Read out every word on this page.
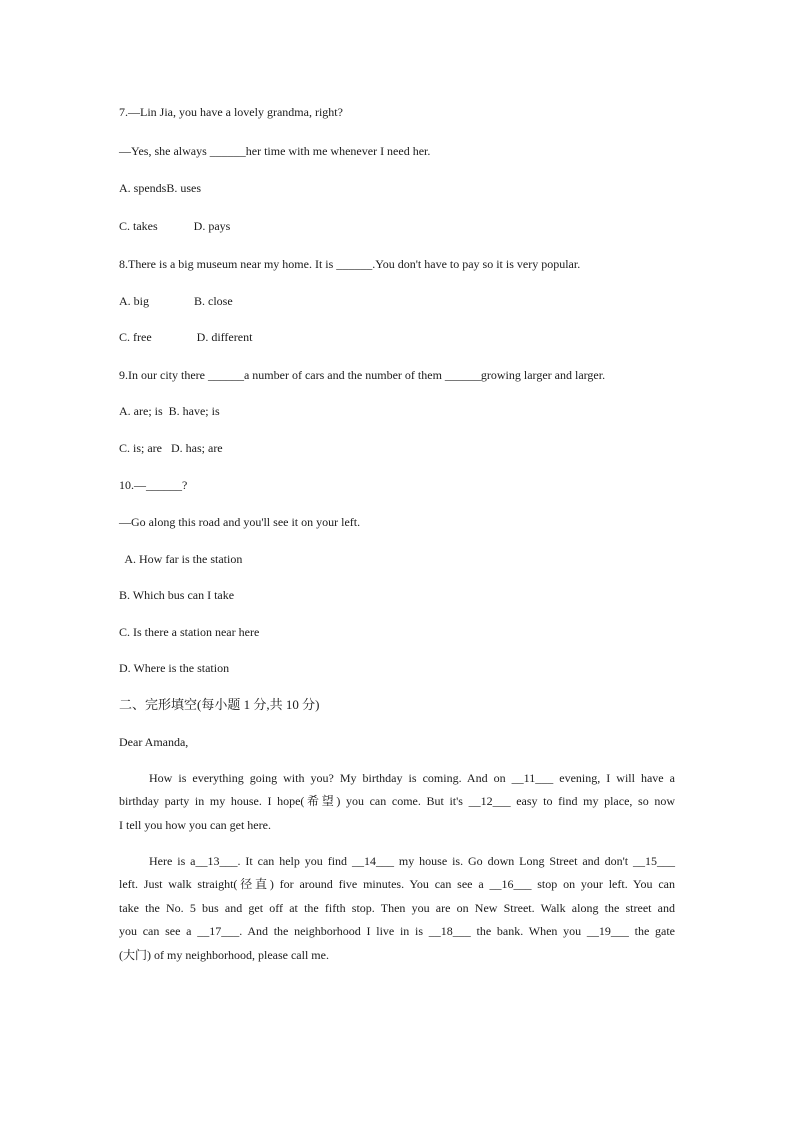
7.—Lin Jia, you have a lovely grandma, right?
—Yes, she always ______her time with me whenever I need her.
A. spendsB. uses
C. takes            D. pays
8.There is a big museum near my home. It is ______.You don't have to pay so it is very popular.
A. big               B. close
C. free               D. different
9.In our city there ______a number of cars and the number of them ______growing larger and larger.
A. are; is  B. have; is
C. is; are   D. has; are
10.—______?
—Go along this road and you'll see it on your left.
A. How far is the station
B. Which bus can I take
C. Is there a station near here
D. Where is the station
二、完形填空(每小题 1 分,共 10 分)
Dear Amanda,
How is everything going with you? My birthday is coming. And on __11___ evening, I will have a
birthday party in my house. I hope(希望) you can come. But it's __12___ easy to find my place, so now
I tell you how you can get here.
Here is a__13___. It can help you find __14___ my house is. Go down Long Street and don't __15___
left. Just walk straight(径直) for around five minutes. You can see a __16___ stop on your left. You can
take the No. 5 bus and get off at the fifth stop. Then you are on New Street. Walk along the street and
you can see a __17___. And the neighborhood I live in is __18___ the bank. When you __19___ the gate
(大门) of my neighborhood, please call me.
